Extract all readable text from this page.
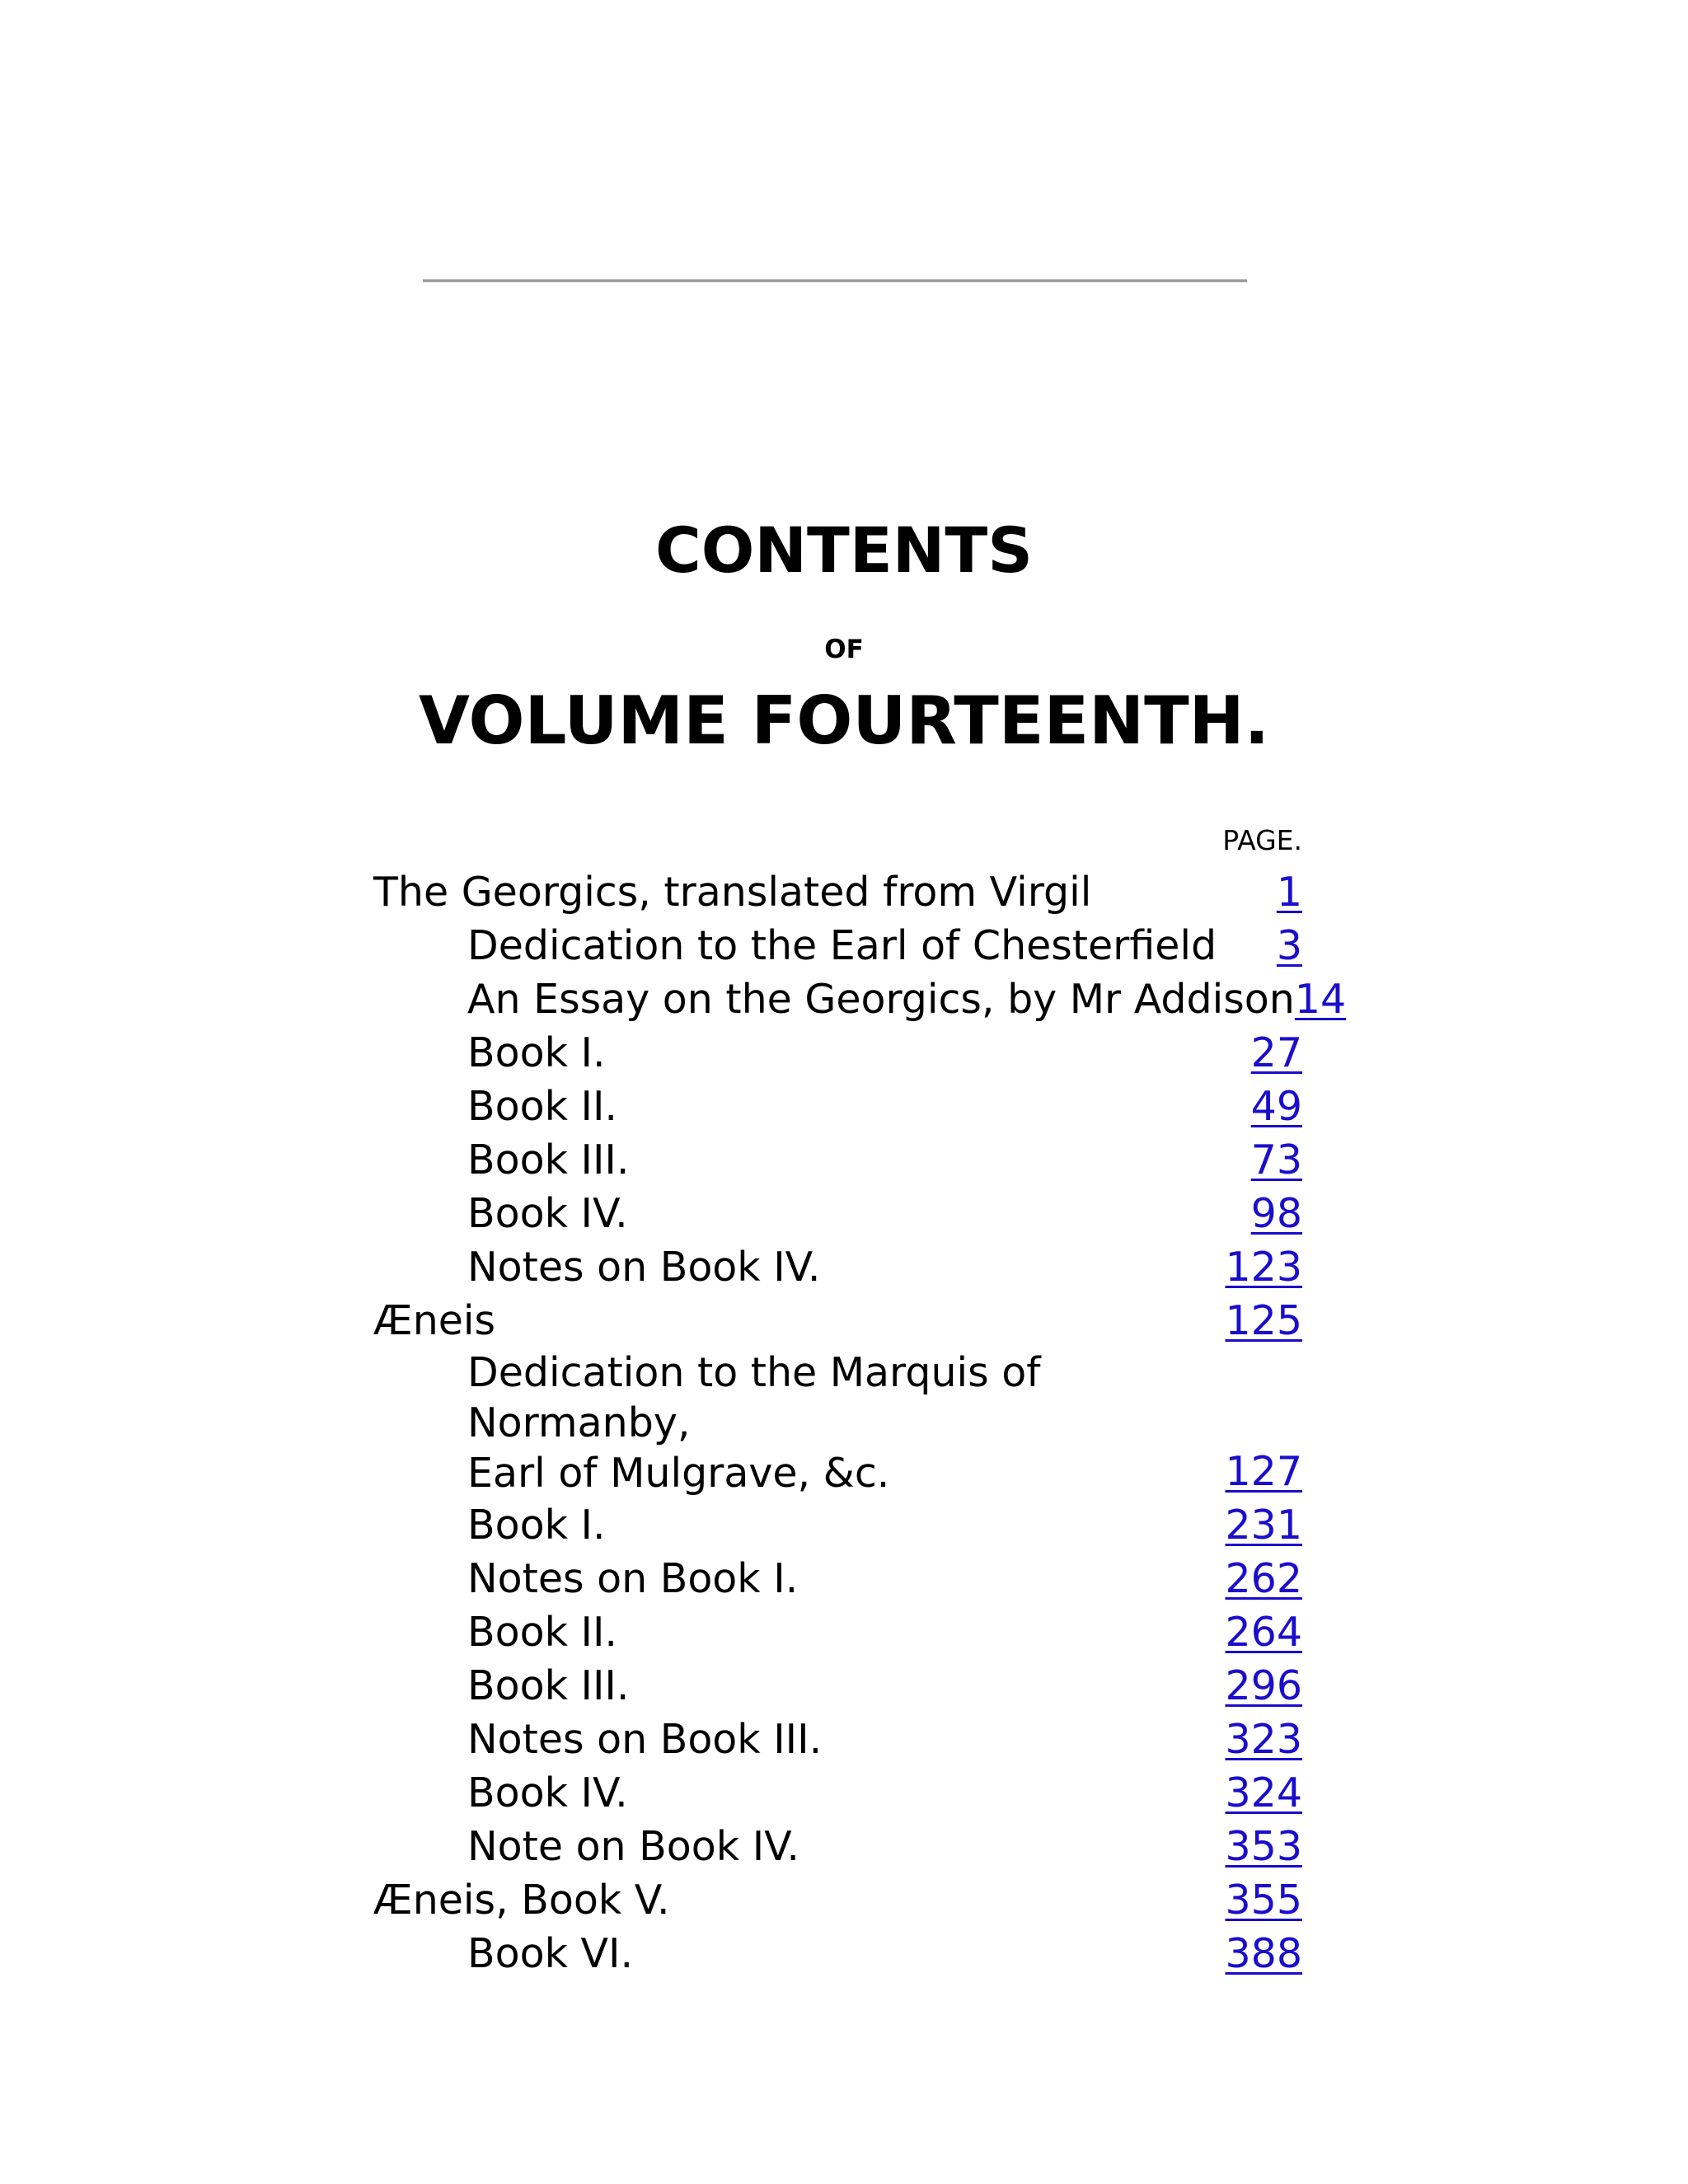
CONTENTS
OF
VOLUME FOURTEENTH.
PAGE.
The Georgics, translated from Virgil	1
Dedication to the Earl of Chesterfield 3
An Essay on the Georgics, by Mr Addison 14
Book I.	27
Book II.	49
Book III.	73
Book IV.	98
Notes on Book IV.	123
Æneis	125
Dedication to the Marquis of Normanby,
Earl of Mulgrave, &c.	127
Book I.	231
Notes on Book I.	262
Book II.	264
Book III.	296
Notes on Book III.	323
Book IV.	324
Note on Book IV.	353
Æneis, Book V.	355
Book VI.	388
